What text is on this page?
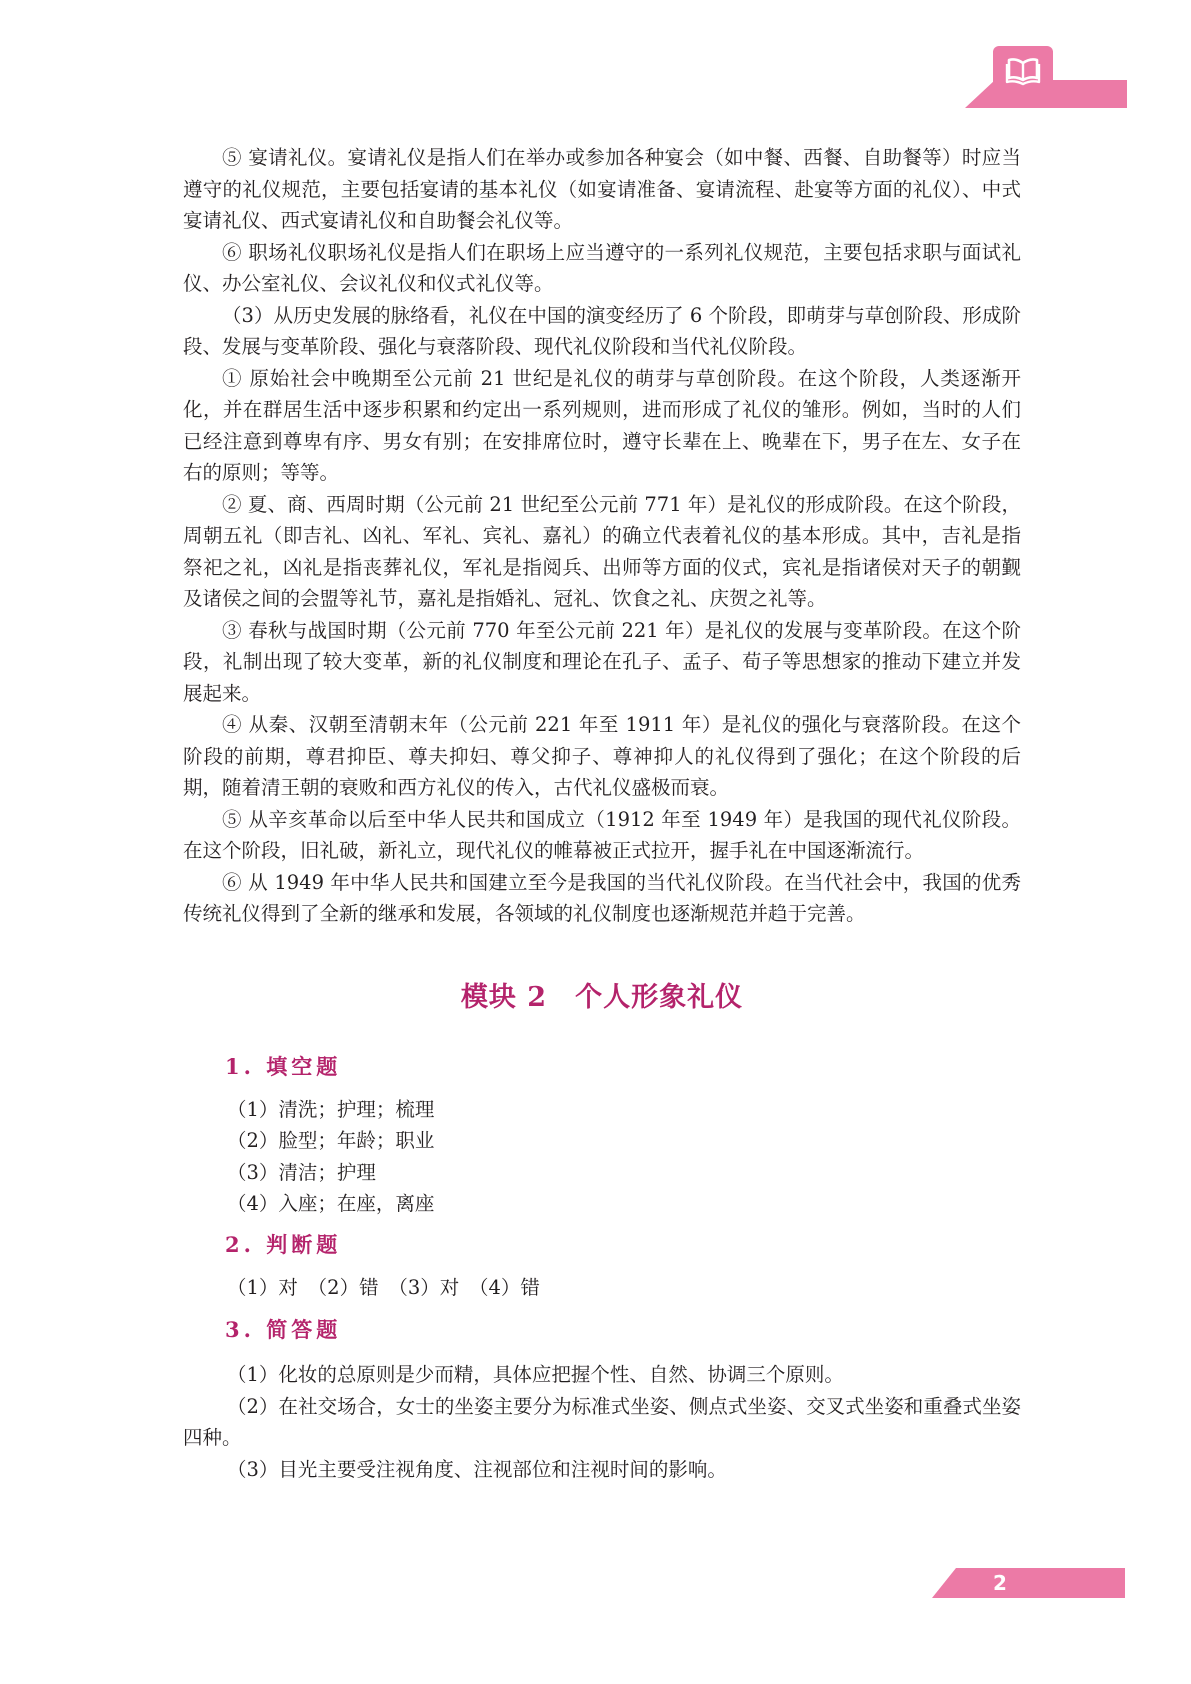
⑤ 宴请礼仪。宴请礼仪是指人们在举办或参加各种宴会（如中餐、西餐、自助餐等）时应当遵守的礼仪规范，主要包括宴请的基本礼仪（如宴请准备、宴请流程、赴宴等方面的礼仪）、中式宴请礼仪、西式宴请礼仪和自助餐会礼仪等。

⑥ 职场礼仪职场礼仪是指人们在职场上应当遵守的一系列礼仪规范，主要包括求职与面试礼仪、办公室礼仪、会议礼仪和仪式礼仪等。

（3）从历史发展的脉络看，礼仪在中国的演变经历了 6 个阶段，即萌芽与草创阶段、形成阶段、发展与变革阶段、强化与衰落阶段、现代礼仪阶段和当代礼仪阶段。

① 原始社会中晚期至公元前 21 世纪是礼仪的萌芽与草创阶段。在这个阶段，人类逐渐开化，并在群居生活中逐步积累和约定出一系列规则，进而形成了礼仪的雏形。例如，当时的人们已经注意到尊卑有序、男女有别；在安排席位时，遵守长辈在上、晚辈在下，男子在左、女子在右的原则；等等。

② 夏、商、西周时期（公元前 21 世纪至公元前 771 年）是礼仪的形成阶段。在这个阶段，周朝五礼（即吉礼、凶礼、军礼、宾礼、嘉礼）的确立代表着礼仪的基本形成。其中，吉礼是指祭祀之礼，凶礼是指丧葬礼仪，军礼是指阅兵、出师等方面的仪式，宾礼是指诸侯对天子的朝觐及诸侯之间的会盟等礼节，嘉礼是指婚礼、冠礼、饮食之礼、庆贺之礼等。

③ 春秋与战国时期（公元前 770 年至公元前 221 年）是礼仪的发展与变革阶段。在这个阶段，礼制出现了较大变革，新的礼仪制度和理论在孔子、孟子、荀子等思想家的推动下建立并发展起来。

④ 从秦、汉朝至清朝末年（公元前 221 年至 1911 年）是礼仪的强化与衰落阶段。在这个阶段的前期，尊君抑臣、尊夫抑妇、尊父抑子、尊神抑人的礼仪得到了强化；在这个阶段的后期，随着清王朝的衰败和西方礼仪的传入，古代礼仪盛极而衰。

⑤ 从辛亥革命以后至中华人民共和国成立（1912 年至 1949 年）是我国的现代礼仪阶段。在这个阶段，旧礼破，新礼立，现代礼仪的帷幕被正式拉开，握手礼在中国逐渐流行。

⑥ 从 1949 年中华人民共和国建立至今是我国的当代礼仪阶段。在当代社会中，我国的优秀传统礼仪得到了全新的继承和发展，各领域的礼仪制度也逐渐规范并趋于完善。

模块 2　个人形象礼仪
1. 填空题

（1）清洗；护理；梳理

（2）脸型；年龄；职业

（3）清洁；护理

（4）入座；在座，离座

2. 判断题

（1）对　（2）错　（3）对　（4）错

3. 简答题

（1）化妆的总原则是少而精，具体应把握个性、自然、协调三个原则。

（2）在社交场合，女士的坐姿主要分为标准式坐姿、侧点式坐姿、交叉式坐姿和重叠式坐姿四种。

（3）目光主要受注视角度、注视部位和注视时间的影响。

2
